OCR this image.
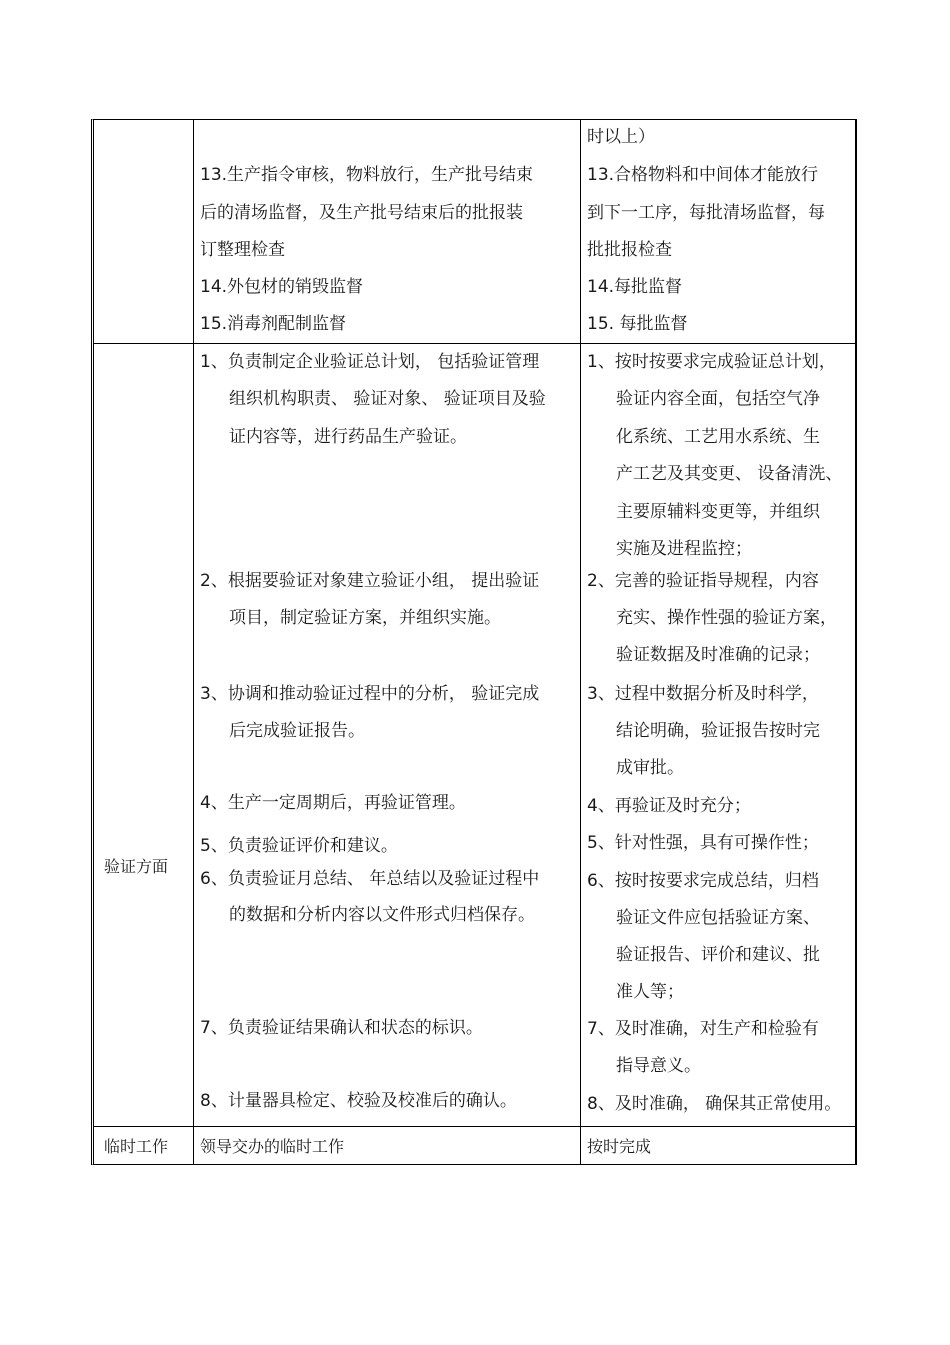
13.生产指令审核，物料放行，生产批号结束
后的清场监督，及生产批号结束后的批报装
订整理检查
14.外包材的销毁监督
15.消毒剂配制监督
时以上）
13.合格物料和中间体才能放行
到下一工序，每批清场监督，每
批批报检查
14.每批监督
15. 每批监督
验证方面
1、负责制定企业验证总计划， 包括验证管理
组织机构职责、 验证对象、 验证项目及验
证内容等，进行药品生产验证。
2、根据要验证对象建立验证小组， 提出验证
项目，制定验证方案，并组织实施。
3、协调和推动验证过程中的分析， 验证完成
后完成验证报告。
4、生产一定周期后，再验证管理。
5、负责验证评价和建议。
6、负责验证月总结、 年总结以及验证过程中
的数据和分析内容以文件形式归档保存。
7、负责验证结果确认和状态的标识。
8、计量器具检定、校验及校准后的确认。
1、按时按要求完成验证总计划，
验证内容全面，包括空气净
化系统、工艺用水系统、生
产工艺及其变更、 设备清洗、
主要原辅料变更等，并组织
实施及进程监控；
2、完善的验证指导规程，内容
充实、操作性强的验证方案，
验证数据及时准确的记录；
3、过程中数据分析及时科学，
结论明确，验证报告按时完
成审批。
4、再验证及时充分；
5、针对性强，具有可操作性；
6、按时按要求完成总结，归档
验证文件应包括验证方案、
验证报告、评价和建议、批
准人等；
7、及时准确，对生产和检验有
指导意义。
8、及时准确， 确保其正常使用。
临时工作 领导交办的临时工作	按时完成
